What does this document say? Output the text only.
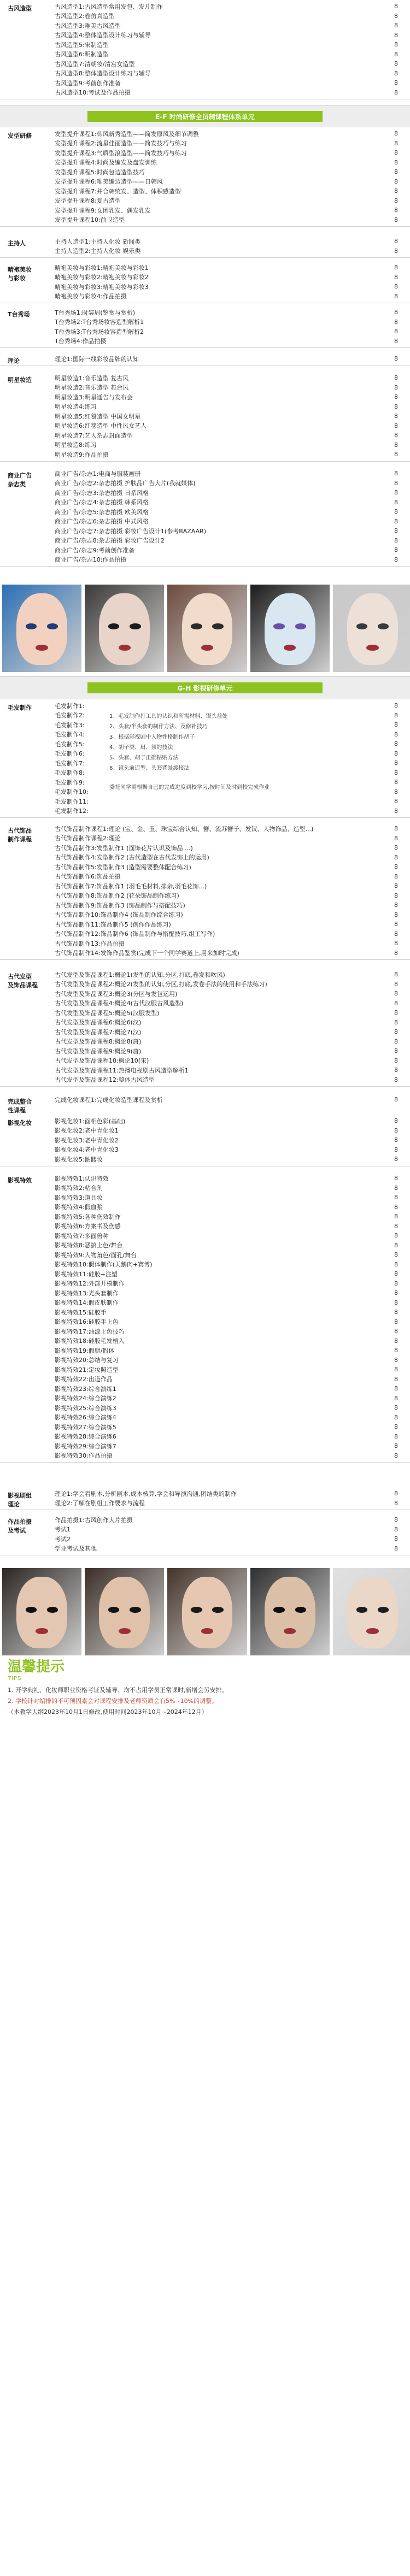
古风造型	古风造型1:古风造型常用发包、发片制作	8
古风造型2:卷仿真造型	8
古风造型3:唯美古风造型	8
古风造型4:整体造型设计练习与辅导	8
古风造型5:宋制造型	8
古风造型6:明制造型	8
古风造型7:清朝妆/清宫女造型	8
古风造型8:整体造型设计练习与辅导	8
古风造型9:考前创作准备	8
古风造型10:考试及作品拍摄	8
E-F 时尚研修全员制课程体系单元
发型研修	发型提升课程1:韩风新秀造型——简发原风及细节调整	8
发型提升课程2:流星佳丽造型——简发技巧与练习	8
发型提升课程3:气质型浪造型——简发技巧与练习	8
发型提升课程4:时尚及编发及盘发训练	8
发型提升课程5:时尚包边造型技巧	8
发型提升课程6:唯美编边造型——日韩风	8
发型提升课程7:并合韩统发、造型、体积感造型	8
发型提升课程8:复古造型	8
发型提升课程9:女团乳发、偶发乳发	8
发型提升课程10:前卫造型	8
主持人	主持人造型1:主持人化妆 新闻类	8
主持人造型2:主持人化妆 娱乐类	8
晴袍美妆
与彩妆
晴袍美妆与彩妆1:晴袍美妆与彩妆1	8
晴袍美妆与彩妆2:晴袍美妆与彩妆2	8
晴袍美妆与彩妆3:晴袍美妆与彩妆3	8
晴袍美妆与彩妆4:作品拍摄	8
T台秀场	T台秀场1:时装周(鉴赏与赏析)	8
T台秀场2:T台秀场妆容造型解析1	8
T台秀场3:T台秀场妆容造型解析2	8
T台秀场4:作品拍摄	8
理论	理论1:国际一线彩妆品牌的认知	8
明星妆造	明星妆造1:音乐造型 复古风	8
明星妆造2:音乐造型 舞台风	8
明星妆造3:明星通告与发布会	8
明星妆造4:练习	8
明星妆造5:红毯造型 中国女明星	8
明星妆造6:红毯造型 中性风女艺人	8
明星妆造7:艺人杂志封面造型	8
明星妆造8:练习	8
明星妆造9:作品拍摄	8
商业广告
杂志类
商业广告/杂志1:电商与服装画册	8
商业广告/杂志2:杂志拍摄 护肤品广告大片(我就媒体)	8
商业广告/杂志3:杂志拍摄 日系风格	8
商业广告/杂志4:杂志拍摄 韩系风格	8
商业广告/杂志5:杂志拍摄 欧美风格	8
商业广告/杂志6:杂志拍摄 中式风格	8
商业广告/杂志7:杂志拍摄 彩妆广告设计1(参考BAZAAR)	8
商业广告/杂志8:杂志拍摄 彩妆广告设计2	8
商业广告/杂志9:考前创作准备	8
商业广告/杂志10:作品拍摄	8
G-H 影视研修单元
毛发制作	毛发制作1:	8
毛发制作2:	8
毛发制作3:	8
毛发制作4:	8
毛发制作5:	8
毛发制作6:	8
毛发制作7:	8
毛发制作8:	8
毛发制作9:	8
毛发制作10:	8
毛发制作11:	8
毛发制作12:	8
1、毛发制作打工具的认识和所需材料、镊头益处
2、头套/半头套的制作方法、及修补技巧
3、根据影视剧中人物性格制作胡子
4、胡子类、眉、须的技法
5、头套、胡子正确粘贴方法
6、镜头前造型、头套背景渡接法
委托同学需根据自己的完成进度到校学习,按时间及时到校完成作业
古代饰品
制作课程
古代饰品制作课程1:理论 (宝、金、玉、珠宝综合认知、簪、流苏簪子、发钗、人物饰品、造型...)	8
古代饰品制作课程2:理论	8
古代饰品制作3:发型制作1 (面饰花片认识及饰品 ...)	8
古代饰品制作4:发型制作2 (古代造型在古代发饰上的运用)	8
古代饰品制作5:发型制作3 (造型需要整体配合练习)	8
古代饰品制作6:饰品拍摄	8
古代饰品制作7:饰品制作1 (羽毛毛材料,排余,羽毛花饰...)	8
古代饰品制作8:饰品制作2 (花朵饰品制作练习)	8
古代饰品制作9:饰品制作3 (饰品制作与搭配技巧)	8
古代饰品制作10:饰品制作4 (饰品制作综合练习)	8
古代饰品制作11:饰品制作5 (创作作品练习)	8
古代饰品制作12:饰品制作6 (饰品制作与搭配技巧,组工写作)	8
古代饰品制作13:作品拍摄	8
古代饰品制作14:发饰作品鉴赏(完成下一个同学赛道上,用来加时完成)	8
古代发型
及饰品课程
古代发型及饰品课程1:概论1(发型的认知,分区,打底,卷发和吹风)	8
古代发型及饰品课程2:概论2(发型的认知,分区,打底,发卷手法的使用和手法练习)	8
古代发型及饰品课程3:概论3(分区与发包运用)	8
古代发型及饰品课程4:概论4(古代汉服古风造型)	8
古代发型及饰品课程5:概论5(汉服发型)	8
古代发型及饰品课程6:概论6(汉)	8
古代发型及饰品课程7:概论7(汉)	8
古代发型及饰品课程8:概论8(唐)	8
古代发型及饰品课程9:概论9(唐)	8
古代发型及饰品课程10:概论10(宋)	8
古代发型及饰品课程11:热播电视剧古风造型解析1	8
古代发型及饰品课程12:整体古风造型	8
完成整合
性课程
完成化妆课程1:完成化妆造型课程及赏析	8
影视化妆	影视化妆1:面相色彩(基础)	8
影视化妆2:老中青化妆1	8
影视化妆3:老中青化妆2	8
影视化妆4:老中青化妆3	8
影视化妆5:骷髅妆	8
影视特效	影视特效1:认识特效	8
影视特效2:粘合剂	8
影视特效3:道具妆	8
影视特效4:假血浆	8
影视特效5:各种伤效制作	8
影视特效6:方案书及伤感	8
影视特效7:多面兽种	8
影视特效8:恶搞上色/舞台	8
影视特效9:人物角色/面孔/舞台	8
影视特效10:假体制作(天鹅肉+赛博)	8
影视特效11:硅胶+注塑	8
影视特效12:外部开模制作	8
影视特效13:光头套制作	8
影视特效14:假皮肤制作	8
影视特效15:硅胶手	8
影视特效16:硅胶手上色	8
影视特效17:油漆上色技巧	8
影视特效18:硅胶毛发植入	8
影视特效19:假腿/假体	8
影视特效20:总结与复习	8
影视特效21:定妆照造型	8
影视特效22:出道作品	8
影视特效23:综合演练1	8
影视特效24:综合演练2	8
影视特效25:综合演练3	8
影视特效26:综合演练4	8
影视特效27:综合演练5	8
影视特效28:综合演练6	8
影视特效29:综合演练7	8
影视特效30:作品拍摄	8
影视剧组
理论
理论1:学会看剧本,分析剧本,成本核算,学会和导演沟通,团结类的制作	8
理论2:了解在剧组工作要求与流程	8
作品拍摄
及考试
作品拍摄1:古风创作大片拍摄	8
考试1	8
考试2	8
学业考试及其他	8
温馨提示
TIPS
1. 开学典礼、化妆师职业资格考证及辅导、均不占用学员正常课时,新增会另安排。
2. 学校针对编排的不可预因素会对课程安排及老师资质会有5%~10%的调整。
（本教学大纲2023年10月1日修改,使用时间2023年10月~2024年12月）
